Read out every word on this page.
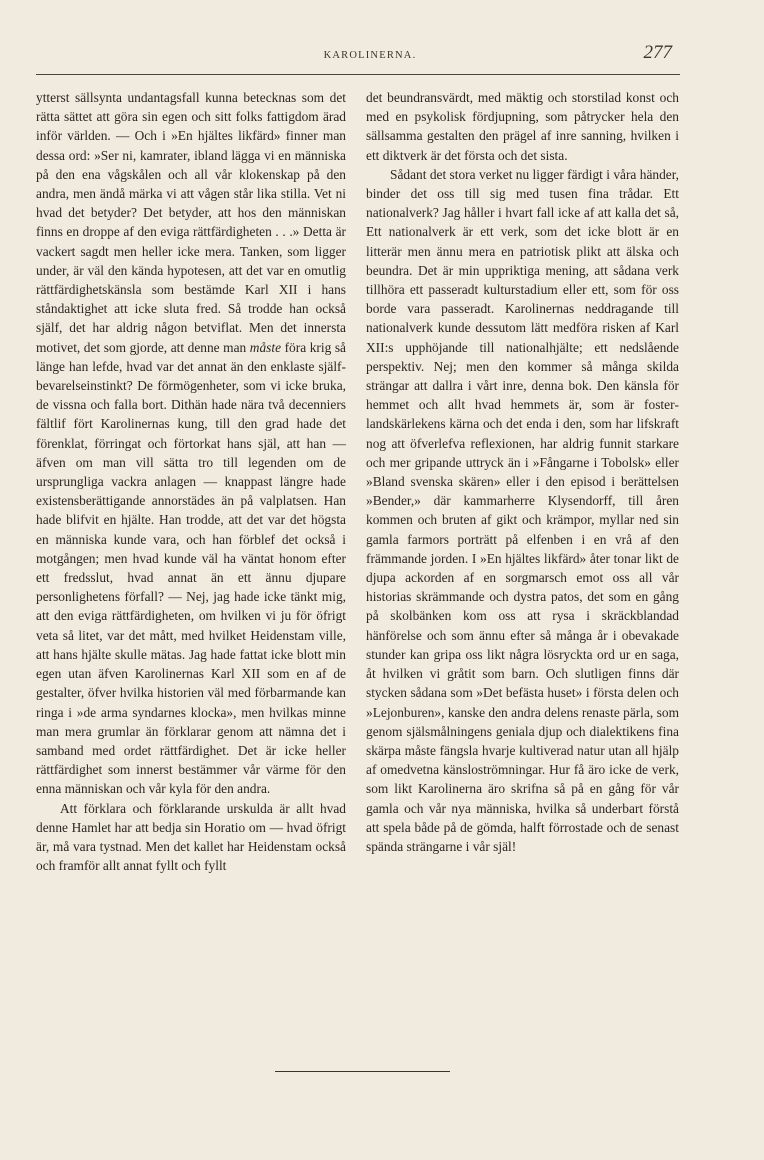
KAROLINERNA.	277

ytterst sällsynta undantagsfall kunna betecknas som det rätta sättet att göra sin egen och sitt folks fattigdom ärad inför världen. — Och i »En hjältes likfärd» finner man dessa ord: »Ser ni, kamrater, ibland lägga vi en människa på den ena vågskålen och all vår klokenskap på den andra, men ändå märka vi att vågen står lika stilla. Vet ni hvad det betyder? Det betyder, att hos den människan finns en droppe af den eviga rättfärdigheten . . .» Detta är vackert sagdt men heller icke mera. Tanken, som ligger under, är väl den kända hypotesen, att det var en omutlig rättfärdighetskänsla som bestämde Karl XII i hans ståndaktighet att icke sluta fred. Så trodde han också själf, det har aldrig någon betviflat. Men det innersta motivet, det som gjorde, att denne man måste föra krig så länge han lefde, hvad var det annat än den enklaste själfbevarelseinstinkt? De förmögenheter, som vi icke bruka, de vissna och falla bort. Dithän hade nära två decenniers fältlif fört Karolinernas kung, till den grad hade det förenklat, förringat och förtorkat hans själ, att han — äfven om man vill sätta tro till legenden om de ursprungliga vackra anlagen — knappast längre hade existensberättigande annorstädes än på valplatsen. Han hade blifvit en hjälte. Han trodde, att det var det högsta en människa kunde vara, och han förblef det också i motgången; men hvad kunde väl ha väntat honom efter ett fredsslut, hvad annat än ett ännu djupare personlighetens förfall? — Nej, jag hade icke tänkt mig, att den eviga rättfärdigheten, om hvilken vi ju för öfrigt veta så litet, var det mått, med hvilket Heidenstam ville, att hans hjälte skulle mätas. Jag hade fattat icke blott min egen utan äfven Karolinernas Karl XII som en af de gestalter, öfver hvilka historien väl med förbarmande kan ringa i »de arma syndarnes klocka», men hvilkas minne man mera grumlar än förklarar genom att nämna det i samband med ordet rättfärdighet. Det är icke heller rättfärdighet som innerst bestämmer vår värme för den enna människan och vår kyla för den andra.

Att förklara och förklarande urskulda är allt hvad denne Hamlet har att bedja sin Horatio om — hvad öfrigt är, må vara tystnad. Men det kallet har Heidenstam också och framför allt annat fyllt och fyllt

det beundransvärdt, med mäktig och storstilad konst och med en psykolisk fördjupning, som påtrycker hela den sällsamma gestalten den prägel af inre sanning, hvilken i ett diktverk är det första och det sista.

Sådant det stora verket nu ligger färdigt i våra händer, binder det oss till sig med tusen fina trådar. Ett nationalverk? Jag håller i hvart fall icke af att kalla det så, Ett nationalverk är ett verk, som det icke blott är en litterär men ännu mera en patriotisk plikt att älska och beundra. Det är min uppriktiga mening, att sådana verk tillhöra ett passeradt kulturstadium eller ett, som för oss borde vara passeradt. Karolinernas neddragande till nationalverk kunde dessutom lätt medföra risken af Karl XII:s upphöjande till nationalhjälte; ett nedslående perspektiv. Nej; men den kommer så många skilda strängar att dallra i vårt inre, denna bok. Den känsla för hemmet och allt hvad hemmets är, som är fosterlandskärlekens kärna och det enda i den, som har lifskraft nog att öfverlefva reflexionen, har aldrig funnit starkare och mer gripande uttryck än i »Fångarne i Tobolsk» eller »Bland svenska skären» eller i den episod i berättelsen »Bender,» där kammarherre Klysendorff, till åren kommen och bruten af gikt och krämpor, myllar ned sin gamla farmors porträtt på elfenben i en vrå af den främmande jorden. I »En hjältes likfärd» åter tonar likt de djupa ackorden af en sorgmarsch emot oss all vår historias skrämmande och dystra patos, det som en gång på skolbänken kom oss att rysa i skräckblandad hänförelse och som ännu efter så många år i obevakade stunder kan gripa oss likt några lösryckta ord ur en saga, åt hvilken vi gråtit som barn. Och slutligen finns där stycken sådana som »Det befästa huset» i första delen och »Lejonburen», kanske den andra delens renaste pärla, som genom själsmålningens geniala djup och dialektikens fina skärpa måste fängsla hvarje kultiverad natur utan all hjälp af omedvetna känsloströmningar. Hur få äro icke de verk, som likt Karolinerna äro skrifna så på en gång för vår gamla och vår nya människa, hvilka så underbart förstå att spela både på de gömda, halft förrostade och de senast spända strängarne i vår själ!
